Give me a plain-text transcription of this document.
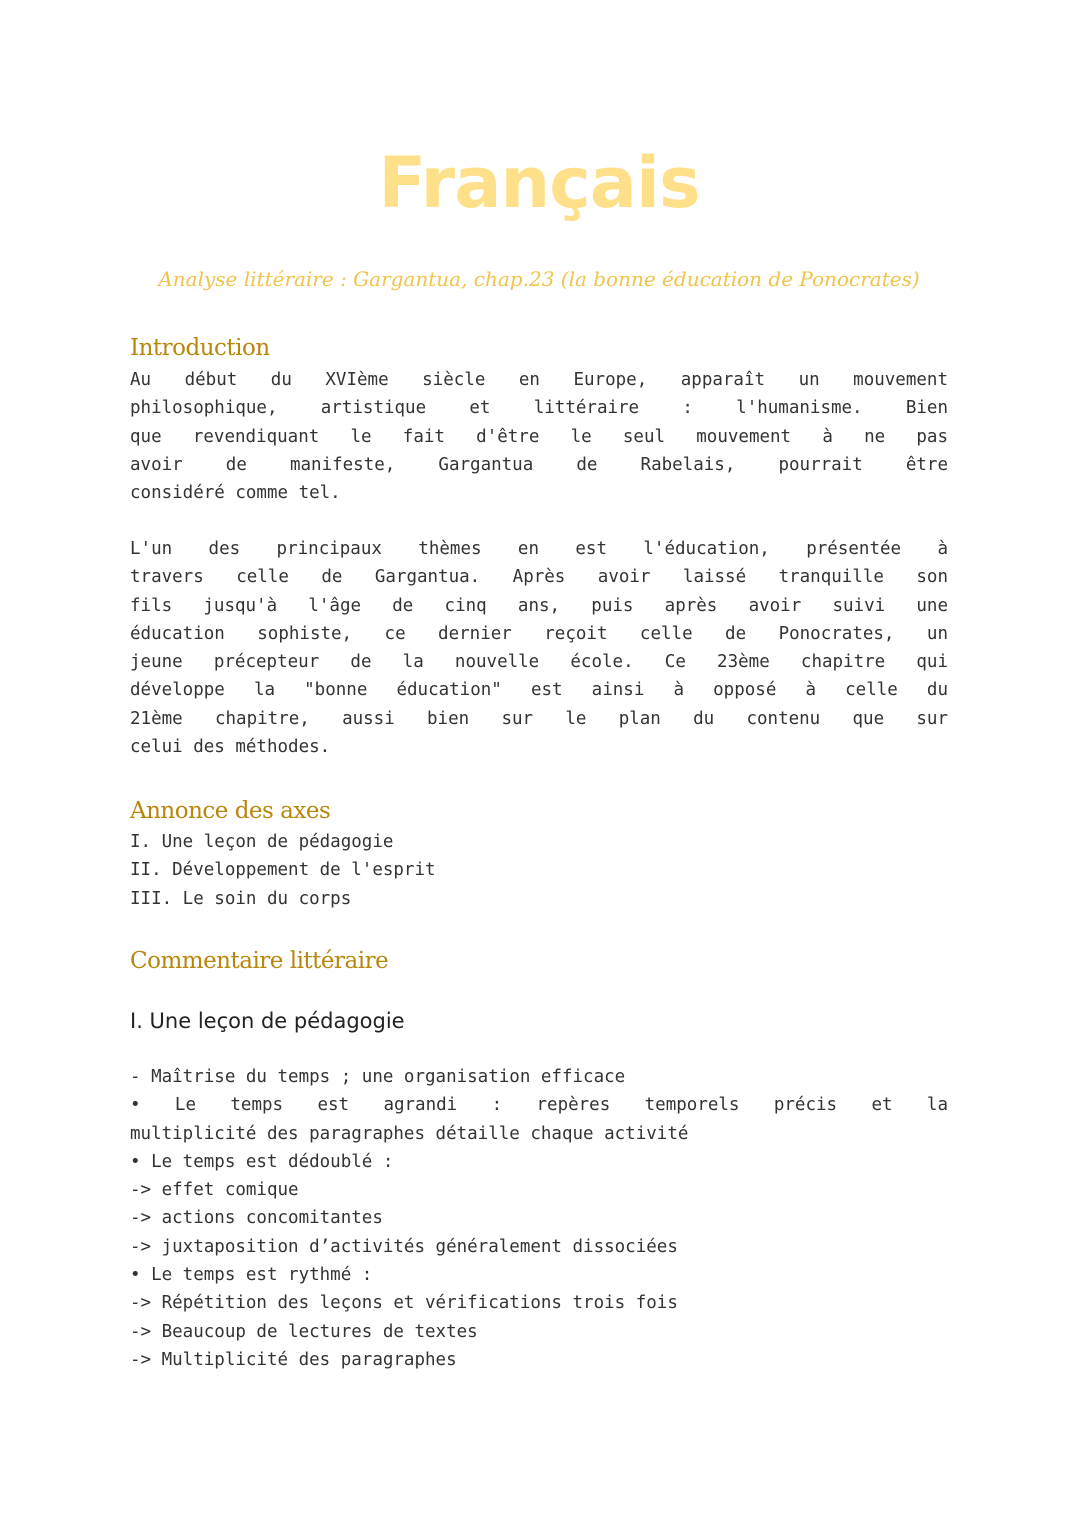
Français
Analyse littéraire : Gargantua, chap.23 (la bonne éducation de Ponocrates)
Introduction
Au début du XVIème siècle en Europe, apparaît un mouvement
philosophique, artistique et littéraire : l'humanisme. Bien
que revendiquant le fait d'être le seul mouvement à ne pas
avoir de manifeste, Gargantua de Rabelais, pourrait être
considéré comme tel.
L'un des principaux thèmes en est l'éducation, présentée à
travers celle de Gargantua. Après avoir laissé tranquille son
fils jusqu'à l'âge de cinq ans, puis après avoir suivi une
éducation sophiste, ce dernier reçoit celle de Ponocrates, un
jeune précepteur de la nouvelle école. Ce 23ème chapitre qui
développe la "bonne éducation" est ainsi à opposé à celle du
21ème chapitre, aussi bien sur le plan du contenu que sur
celui des méthodes.
Annonce des axes
I. Une leçon de pédagogie
II. Développement de l'esprit
III. Le soin du corps
Commentaire littéraire
I. Une leçon de pédagogie
- Maîtrise du temps ; une organisation efficace
• Le temps est agrandi : repères temporels précis et la
multiplicité des paragraphes détaille chaque activité
• Le temps est dédoublé :
-> effet comique
-> actions concomitantes
-> juxtaposition d’activités généralement dissociées
• Le temps est rythmé :
-> Répétition des leçons et vérifications trois fois
-> Beaucoup de lectures de textes
-> Multiplicité des paragraphes
